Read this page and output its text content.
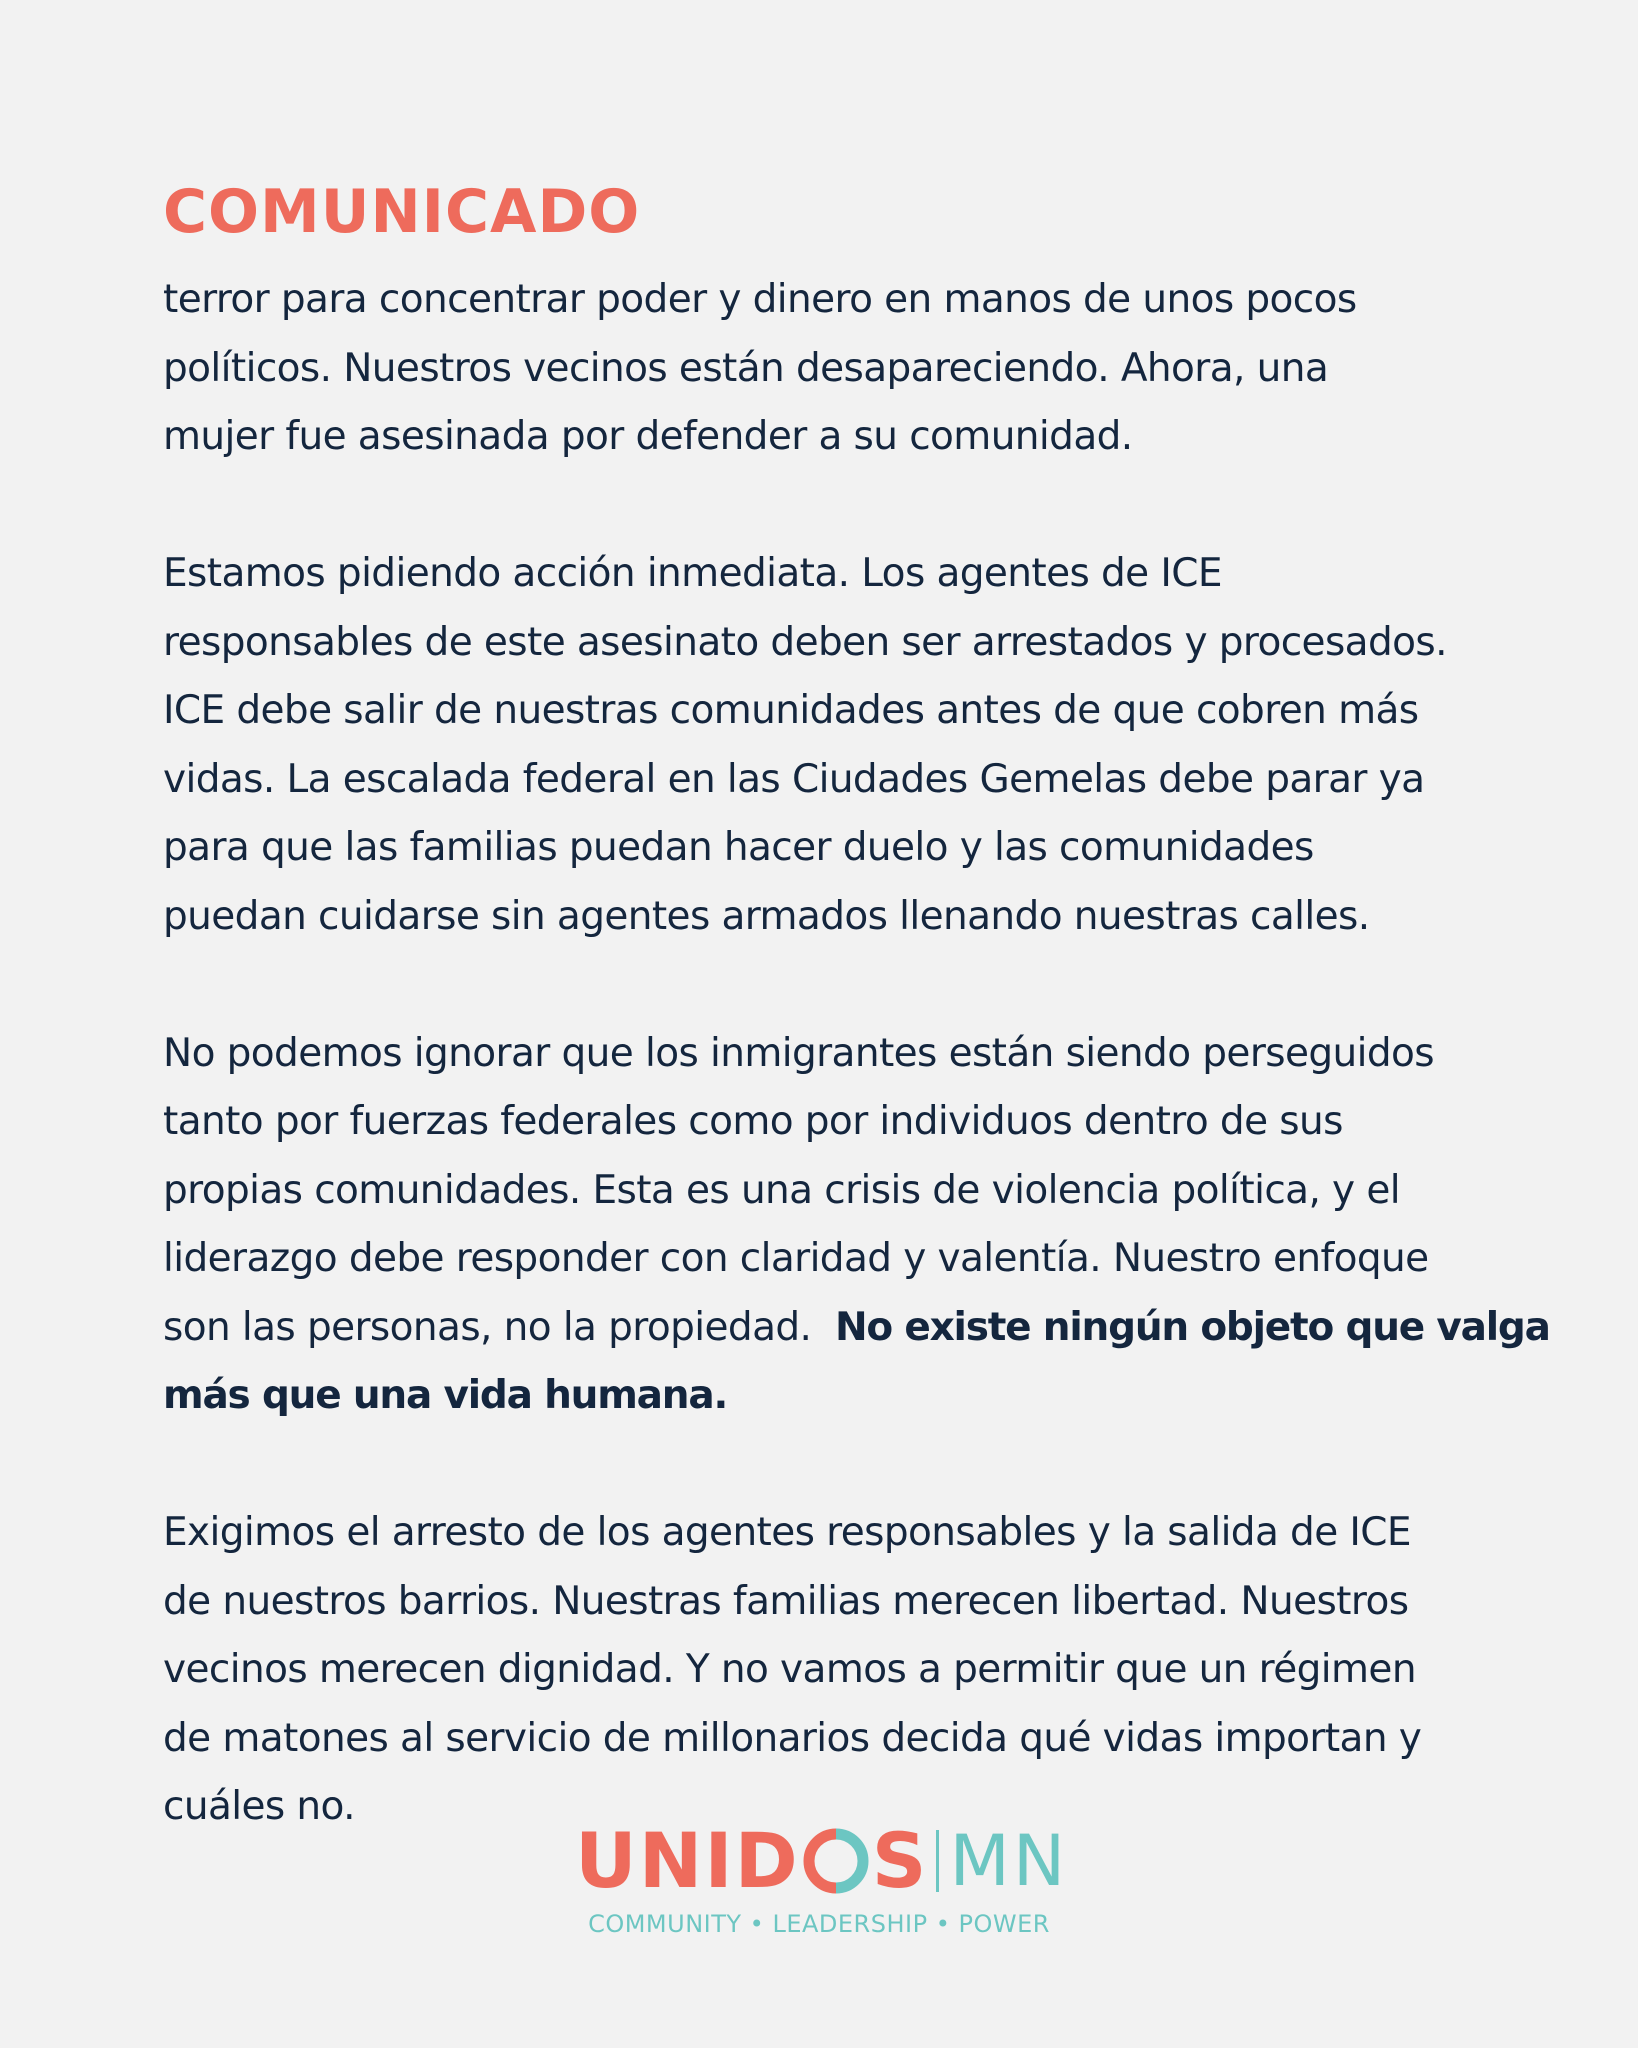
COMUNICADO

terror para concentrar poder y dinero en manos de unos pocos
políticos. Nuestros vecinos están desapareciendo. Ahora, una
mujer fue asesinada por defender a su comunidad.

Estamos pidiendo acción inmediata. Los agentes de ICE
responsables de este asesinato deben ser arrestados y procesados.
ICE debe salir de nuestras comunidades antes de que cobren más
vidas. La escalada federal en las Ciudades Gemelas debe parar ya
para que las familias puedan hacer duelo y las comunidades
puedan cuidarse sin agentes armados llenando nuestras calles.

No podemos ignorar que los inmigrantes están siendo perseguidos
tanto por fuerzas federales como por individuos dentro de sus
propias comunidades. Esta es una crisis de violencia política, y el
liderazgo debe responder con claridad y valentía. Nuestro enfoque
son las personas, no la propiedad.  No existe ningún objeto que valga
más que una vida humana.

Exigimos el arresto de los agentes responsables y la salida de ICE
de nuestros barrios. Nuestras familias merecen libertad. Nuestros
vecinos merecen dignidad. Y no vamos a permitir que un régimen
de matones al servicio de millonarios decida qué vidas importan y
cuáles no.

UNID S MN
COMMUNITY • LEADERSHIP • POWER
